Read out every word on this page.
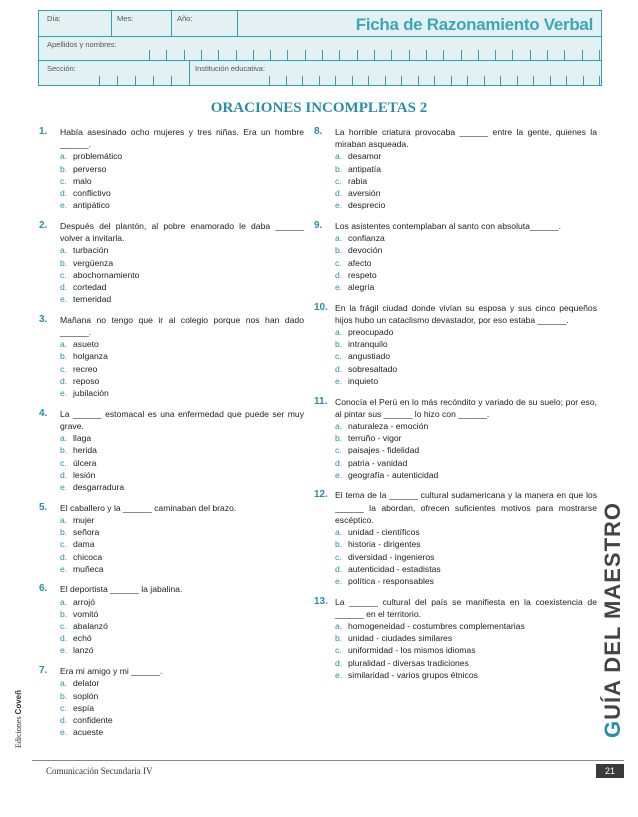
Día:	Mes:	Año:	Ficha de Razonamiento Verbal
Apellidos y nombres:
Sección:	Institución educativa:
ORACIONES INCOMPLETAS 2
1. Había asesinado ocho mujeres y tres niñas. Era un hombre ______.
a. problemático
b. perverso
c. malo
d. conflictivo
e. antipático
2. Después del plantón, al pobre enamorado le daba ______ volver a invitarla.
a. turbación
b. vergüenza
c. abochornamiento
d. cortedad
e. temeridad
3. Mañana no tengo que ir al colegio porque nos han dado ______.
a. asueto
b. holganza
c. recreo
d. reposo
e. jubilación
4. La ______ estomacal es una enfermedad que puede ser muy grave.
a. llaga
b. herida
c. úlcera
d. lesión
e. desgarradura
5. El caballero y la ______ caminaban del brazo.
a. mujer
b. señora
c. dama
d. chicoca
e. muñeca
6. El deportista ______ la jabalina.
a. arrojó
b. vomitó
c. abalanzó
d. echó
e. lanzó
7. Era mi amigo y mi ______.
a. delator
b. soplón
c. espía
d. confidente
e. acueste
8. La horrible criatura provocaba ______ entre la gente, quienes la miraban asqueada.
a. desamor
b. antipatía
c. rabia
d. aversión
e. desprecio
9. Los asistentes contemplaban al santo con absoluta______.
a. confianza
b. devoción
c. afecto
d. respeto
e. alegría
10. En la frágil ciudad donde vivían su esposa y sus cinco pequeños hijos hubo un cataclismo devastador, por eso estaba ______.
a. preocupado
b. intranquilo
c. angustiado
d. sobresaltado
e. inquieto
11. Conocía el Perú en lo más recóndito y variado de su suelo; por eso, al pintar sus ______ lo hizo con ______.
a. naturaleza - emoción
b. terruño - vigor
c. paisajes - fidelidad
d. patria - vanidad
e. geografía - autenticidad
12. El tema de la ______ cultural sudamericana y la manera en que los ______ la abordan, ofrecen suficientes motivos para mostrarse escéptico.
a. unidad - científicos
b. historia - dirigentes
c. diversidad - ingenieros
d. autenticidad - estadistas
e. política - responsables
13. La ______ cultural del país se manifiesta en la coexistencia de ______ en el territorio.
a. homogeneidad - costumbres complementarias
b. unidad - ciudades similares
c. uniformidad - los mismos idiomas
d. pluralidad - diversas tradiciones
e. similaridad - varios grupos étnicos
GUÍA DEL MAESTRO
Ediciones Coveñ
Comunicación Secundaria IV	21
